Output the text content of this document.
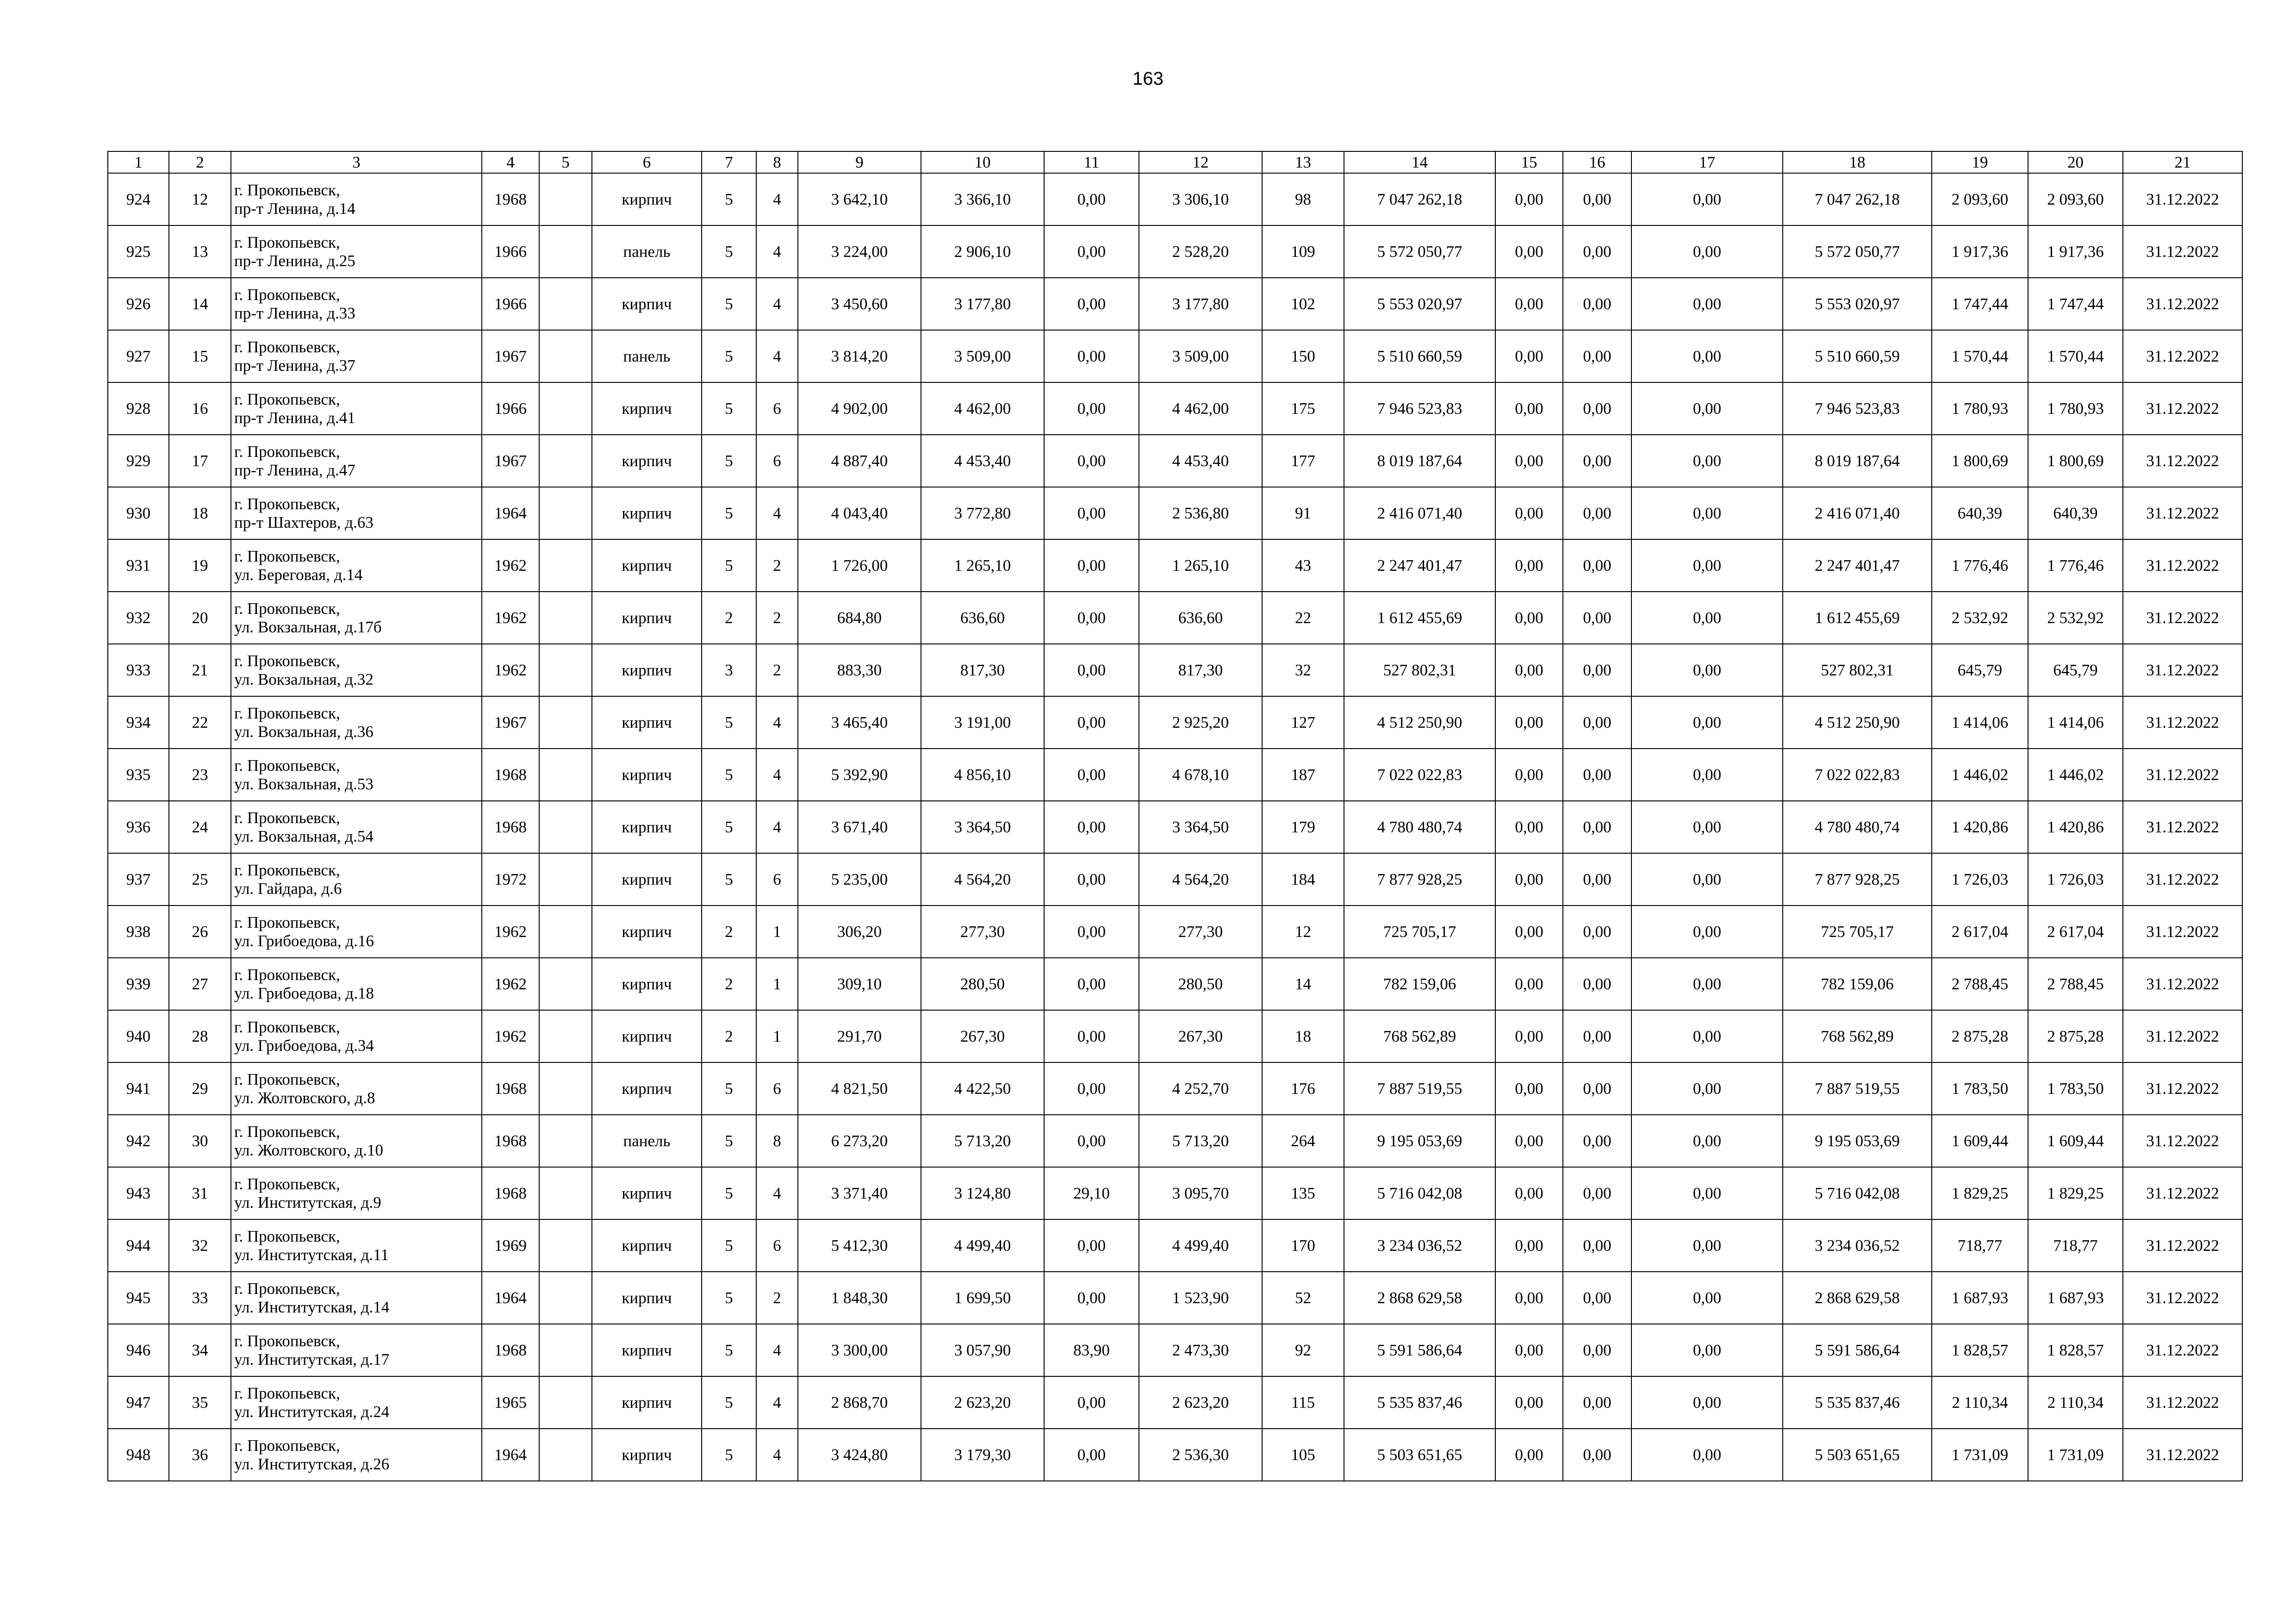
163
1	2	3	4	5	6	7	8	9	10	11	12	13	14	15	16	17	18	19	20	21
924	12	г. Прокопьевск,
пр-т Ленина, д.14	1968		кирпич	5	4	3 642,10	3 366,10	0,00	3 306,10	98	7 047 262,18	0,00	0,00	0,00	7 047 262,18	2 093,60	2 093,60	31.12.2022
925	13	г. Прокопьевск,
пр-т Ленина, д.25	1966		панель	5	4	3 224,00	2 906,10	0,00	2 528,20	109	5 572 050,77	0,00	0,00	0,00	5 572 050,77	1 917,36	1 917,36	31.12.2022
926	14	г. Прокопьевск,
пр-т Ленина, д.33	1966		кирпич	5	4	3 450,60	3 177,80	0,00	3 177,80	102	5 553 020,97	0,00	0,00	0,00	5 553 020,97	1 747,44	1 747,44	31.12.2022
927	15	г. Прокопьевск,
пр-т Ленина, д.37	1967		панель	5	4	3 814,20	3 509,00	0,00	3 509,00	150	5 510 660,59	0,00	0,00	0,00	5 510 660,59	1 570,44	1 570,44	31.12.2022
928	16	г. Прокопьевск,
пр-т Ленина, д.41	1966		кирпич	5	6	4 902,00	4 462,00	0,00	4 462,00	175	7 946 523,83	0,00	0,00	0,00	7 946 523,83	1 780,93	1 780,93	31.12.2022
929	17	г. Прокопьевск,
пр-т Ленина, д.47	1967		кирпич	5	6	4 887,40	4 453,40	0,00	4 453,40	177	8 019 187,64	0,00	0,00	0,00	8 019 187,64	1 800,69	1 800,69	31.12.2022
930	18	г. Прокопьевск,
пр-т Шахтеров, д.63	1964		кирпич	5	4	4 043,40	3 772,80	0,00	2 536,80	91	2 416 071,40	0,00	0,00	0,00	2 416 071,40	640,39	640,39	31.12.2022
931	19	г. Прокопьевск,
ул. Береговая, д.14	1962		кирпич	5	2	1 726,00	1 265,10	0,00	1 265,10	43	2 247 401,47	0,00	0,00	0,00	2 247 401,47	1 776,46	1 776,46	31.12.2022
932	20	г. Прокопьевск,
ул. Вокзальная, д.17б	1962		кирпич	2	2	684,80	636,60	0,00	636,60	22	1 612 455,69	0,00	0,00	0,00	1 612 455,69	2 532,92	2 532,92	31.12.2022
933	21	г. Прокопьевск,
ул. Вокзальная, д.32	1962		кирпич	3	2	883,30	817,30	0,00	817,30	32	527 802,31	0,00	0,00	0,00	527 802,31	645,79	645,79	31.12.2022
934	22	г. Прокопьевск,
ул. Вокзальная, д.36	1967		кирпич	5	4	3 465,40	3 191,00	0,00	2 925,20	127	4 512 250,90	0,00	0,00	0,00	4 512 250,90	1 414,06	1 414,06	31.12.2022
935	23	г. Прокопьевск,
ул. Вокзальная, д.53	1968		кирпич	5	4	5 392,90	4 856,10	0,00	4 678,10	187	7 022 022,83	0,00	0,00	0,00	7 022 022,83	1 446,02	1 446,02	31.12.2022
936	24	г. Прокопьевск,
ул. Вокзальная, д.54	1968		кирпич	5	4	3 671,40	3 364,50	0,00	3 364,50	179	4 780 480,74	0,00	0,00	0,00	4 780 480,74	1 420,86	1 420,86	31.12.2022
937	25	г. Прокопьевск,
ул. Гайдара, д.6	1972		кирпич	5	6	5 235,00	4 564,20	0,00	4 564,20	184	7 877 928,25	0,00	0,00	0,00	7 877 928,25	1 726,03	1 726,03	31.12.2022
938	26	г. Прокопьевск,
ул. Грибоедова, д.16	1962		кирпич	2	1	306,20	277,30	0,00	277,30	12	725 705,17	0,00	0,00	0,00	725 705,17	2 617,04	2 617,04	31.12.2022
939	27	г. Прокопьевск,
ул. Грибоедова, д.18	1962		кирпич	2	1	309,10	280,50	0,00	280,50	14	782 159,06	0,00	0,00	0,00	782 159,06	2 788,45	2 788,45	31.12.2022
940	28	г. Прокопьевск,
ул. Грибоедова, д.34	1962		кирпич	2	1	291,70	267,30	0,00	267,30	18	768 562,89	0,00	0,00	0,00	768 562,89	2 875,28	2 875,28	31.12.2022
941	29	г. Прокопьевск,
ул. Жолтовского, д.8	1968		кирпич	5	6	4 821,50	4 422,50	0,00	4 252,70	176	7 887 519,55	0,00	0,00	0,00	7 887 519,55	1 783,50	1 783,50	31.12.2022
942	30	г. Прокопьевск,
ул. Жолтовского, д.10	1968		панель	5	8	6 273,20	5 713,20	0,00	5 713,20	264	9 195 053,69	0,00	0,00	0,00	9 195 053,69	1 609,44	1 609,44	31.12.2022
943	31	г. Прокопьевск,
ул. Институтская, д.9	1968		кирпич	5	4	3 371,40	3 124,80	29,10	3 095,70	135	5 716 042,08	0,00	0,00	0,00	5 716 042,08	1 829,25	1 829,25	31.12.2022
944	32	г. Прокопьевск,
ул. Институтская, д.11	1969		кирпич	5	6	5 412,30	4 499,40	0,00	4 499,40	170	3 234 036,52	0,00	0,00	0,00	3 234 036,52	718,77	718,77	31.12.2022
945	33	г. Прокопьевск,
ул. Институтская, д.14	1964		кирпич	5	2	1 848,30	1 699,50	0,00	1 523,90	52	2 868 629,58	0,00	0,00	0,00	2 868 629,58	1 687,93	1 687,93	31.12.2022
946	34	г. Прокопьевск,
ул. Институтская, д.17	1968		кирпич	5	4	3 300,00	3 057,90	83,90	2 473,30	92	5 591 586,64	0,00	0,00	0,00	5 591 586,64	1 828,57	1 828,57	31.12.2022
947	35	г. Прокопьевск,
ул. Институтская, д.24	1965		кирпич	5	4	2 868,70	2 623,20	0,00	2 623,20	115	5 535 837,46	0,00	0,00	0,00	5 535 837,46	2 110,34	2 110,34	31.12.2022
948	36	г. Прокопьевск,
ул. Институтская, д.26	1964		кирпич	5	4	3 424,80	3 179,30	0,00	2 536,30	105	5 503 651,65	0,00	0,00	0,00	5 503 651,65	1 731,09	1 731,09	31.12.2022
